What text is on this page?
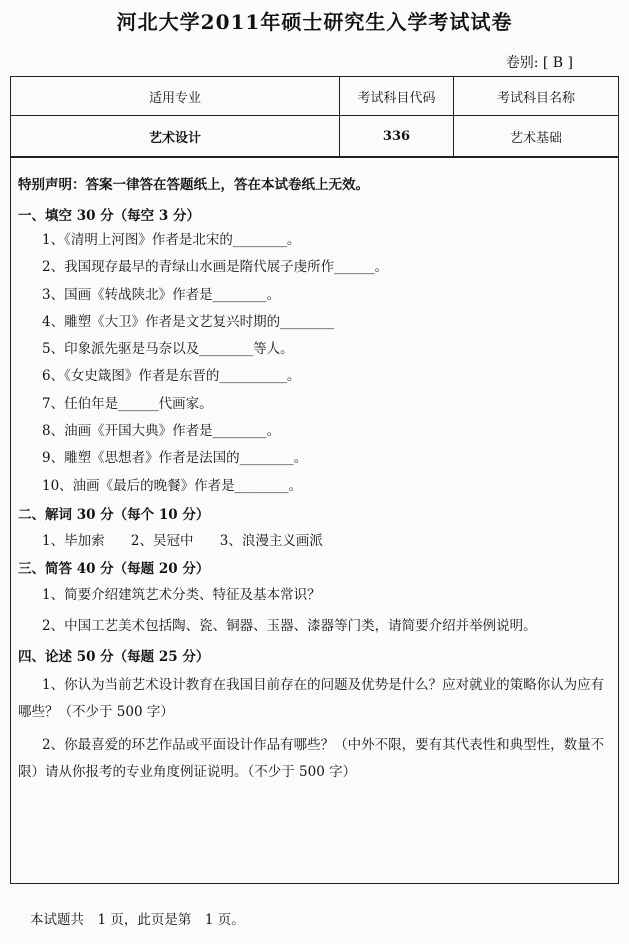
河北大学2011年硕士研究生入学考试试卷
卷别: [ B ]
适用专业	考试科目代码	考试科目名称
艺术设计	336	艺术基础
特别声明：答案一律答在答题纸上，答在本试卷纸上无效。
一、填空 30 分（每空 3 分）
1、《清明上河图》作者是北宋的________。
2、我国现存最早的青绿山水画是隋代展子虔所作______。
3、国画《转战陕北》作者是________。
4、雕塑《大卫》作者是文艺复兴时期的________
5、印象派先驱是马奈以及________等人。
6、《女史箴图》作者是东晋的__________。
7、任伯年是______代画家。
8、油画《开国大典》作者是________。
9、雕塑《思想者》作者是法国的________。
10、油画《最后的晚餐》作者是________。
二、解词 30 分（每个 10 分）
1、毕加索 2、吴冠中 3、浪漫主义画派
三、简答 40 分（每题 20 分）
1、简要介绍建筑艺术分类、特征及基本常识？
2、中国工艺美术包括陶、瓷、铜器、玉器、漆器等门类，请简要介绍并举例说明。
四、论述 50 分（每题 25 分）
1、你认为当前艺术设计教育在我国目前存在的问题及优势是什么？应对就业的策略你认为应有哪些？（不少于 500 字）
2、你最喜爱的环艺作品或平面设计作品有哪些？（中外不限，要有其代表性和典型性，数量不限）请从你报考的专业角度例证说明。（不少于 500 字）
本试题共　1 页，此页是第　1 页。
